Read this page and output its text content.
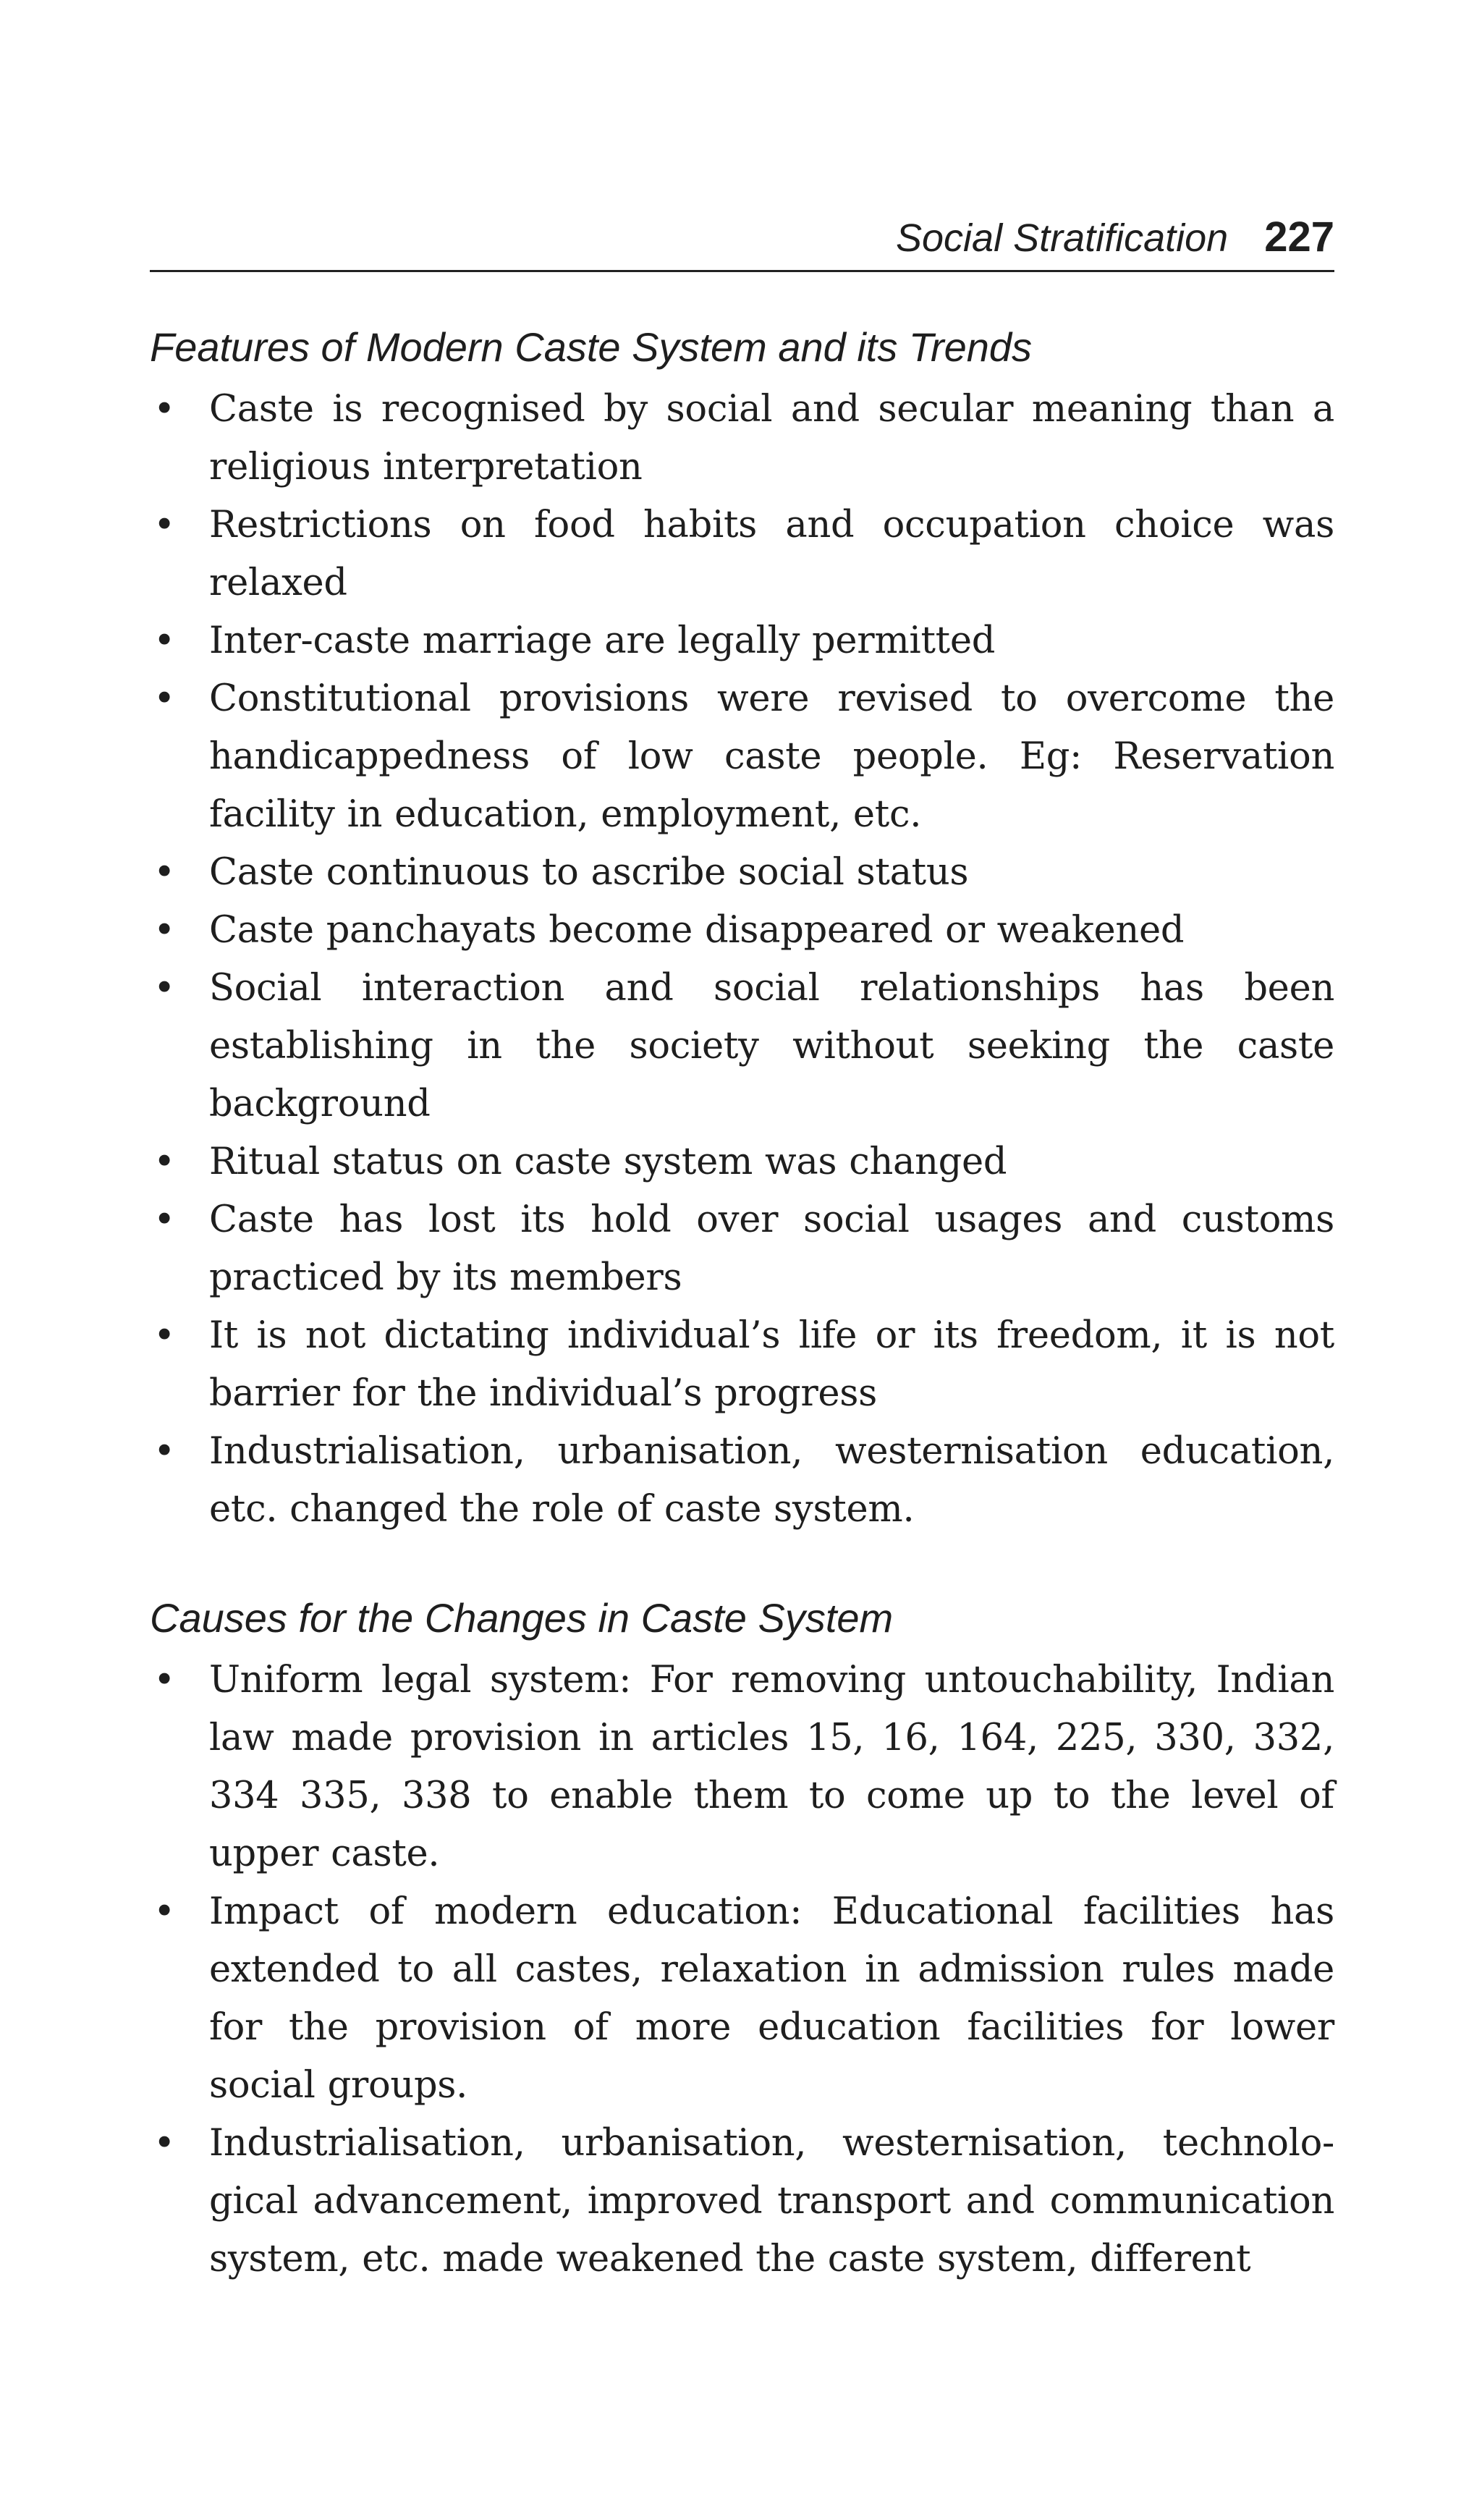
Social Stratification 227
Features of Modern Caste System and its Trends
• Caste is recognised by social and secular meaning than a religious interpretation
• Restrictions on food habits and occupation choice was relaxed
• Inter-caste marriage are legally permitted
• Constitutional provisions were revised to overcome the handicappedness of low caste people. Eg: Reservation facility in education, employment, etc.
• Caste continuous to ascribe social status
• Caste panchayats become disappeared or weakened
• Social interaction and social relationships has been establishing in the society without seeking the caste background
• Ritual status on caste system was changed
• Caste has lost its hold over social usages and customs practiced by its members
• It is not dictating individual’s life or its freedom, it is not barrier for the individual’s progress
• Industrialisation, urbanisation, westernisation education, etc. changed the role of caste system.
Causes for the Changes in Caste System
• Uniform legal system: For removing untouchability, Indian law made provision in articles 15, 16, 164, 225, 330, 332, 334 335, 338 to enable them to come up to the level of upper caste.
• Impact of modern education: Educational facilities has extended to all castes, relaxation in admission rules made for the provision of more education facilities for lower social groups.
• Industrialisation, urbanisation, westernisation, technolo-gical advancement, improved transport and communication system, etc. made weakened the caste system, different
